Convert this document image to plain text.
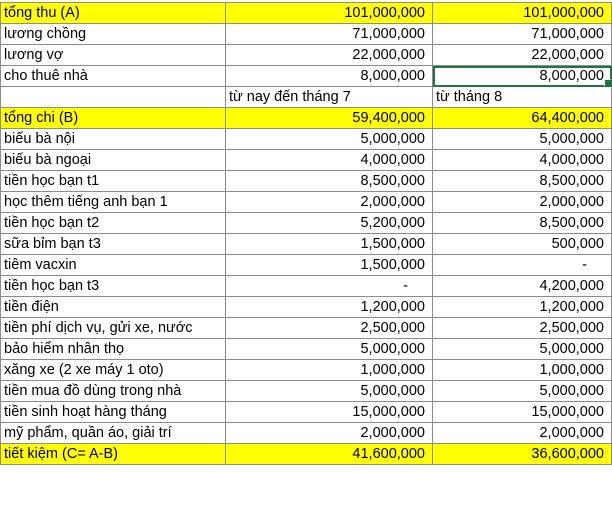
tổng thu (A)	101,000,000	101,000,000
lương chồng	71,000,000	71,000,000
lương vợ	22,000,000	22,000,000
cho thuê nhà	8,000,000	8,000,000

	từ nay đến tháng 7	từ tháng 8
tổng chi (B)	59,400,000	64,400,000
biếu bà nội	5,000,000	5,000,000
biếu bà ngoại	4,000,000	4,000,000
tiền học bạn t1	8,500,000	8,500,000
học thêm tiếng anh bạn 1	2,000,000	2,000,000
tiền học bạn t2	5,200,000	8,500,000
sữa bỉm bạn t3	1,500,000	500,000
tiêm vacxin	1,500,000	-
tiền học bạn t3	-	4,200,000
tiền điện	1,200,000	1,200,000
tiền phí dịch vụ, gửi xe, nước	2,500,000	2,500,000
bảo hiểm nhân thọ	5,000,000	5,000,000
xăng xe (2 xe máy 1 oto)	1,000,000	1,000,000
tiền mua đồ dùng trong nhà	5,000,000	5,000,000
tiền sinh hoạt hàng tháng	15,000,000	15,000,000
mỹ phẩm, quần áo, giải trí	2,000,000	2,000,000
tiết kiệm (C= A-B)	41,600,000	36,600,000
